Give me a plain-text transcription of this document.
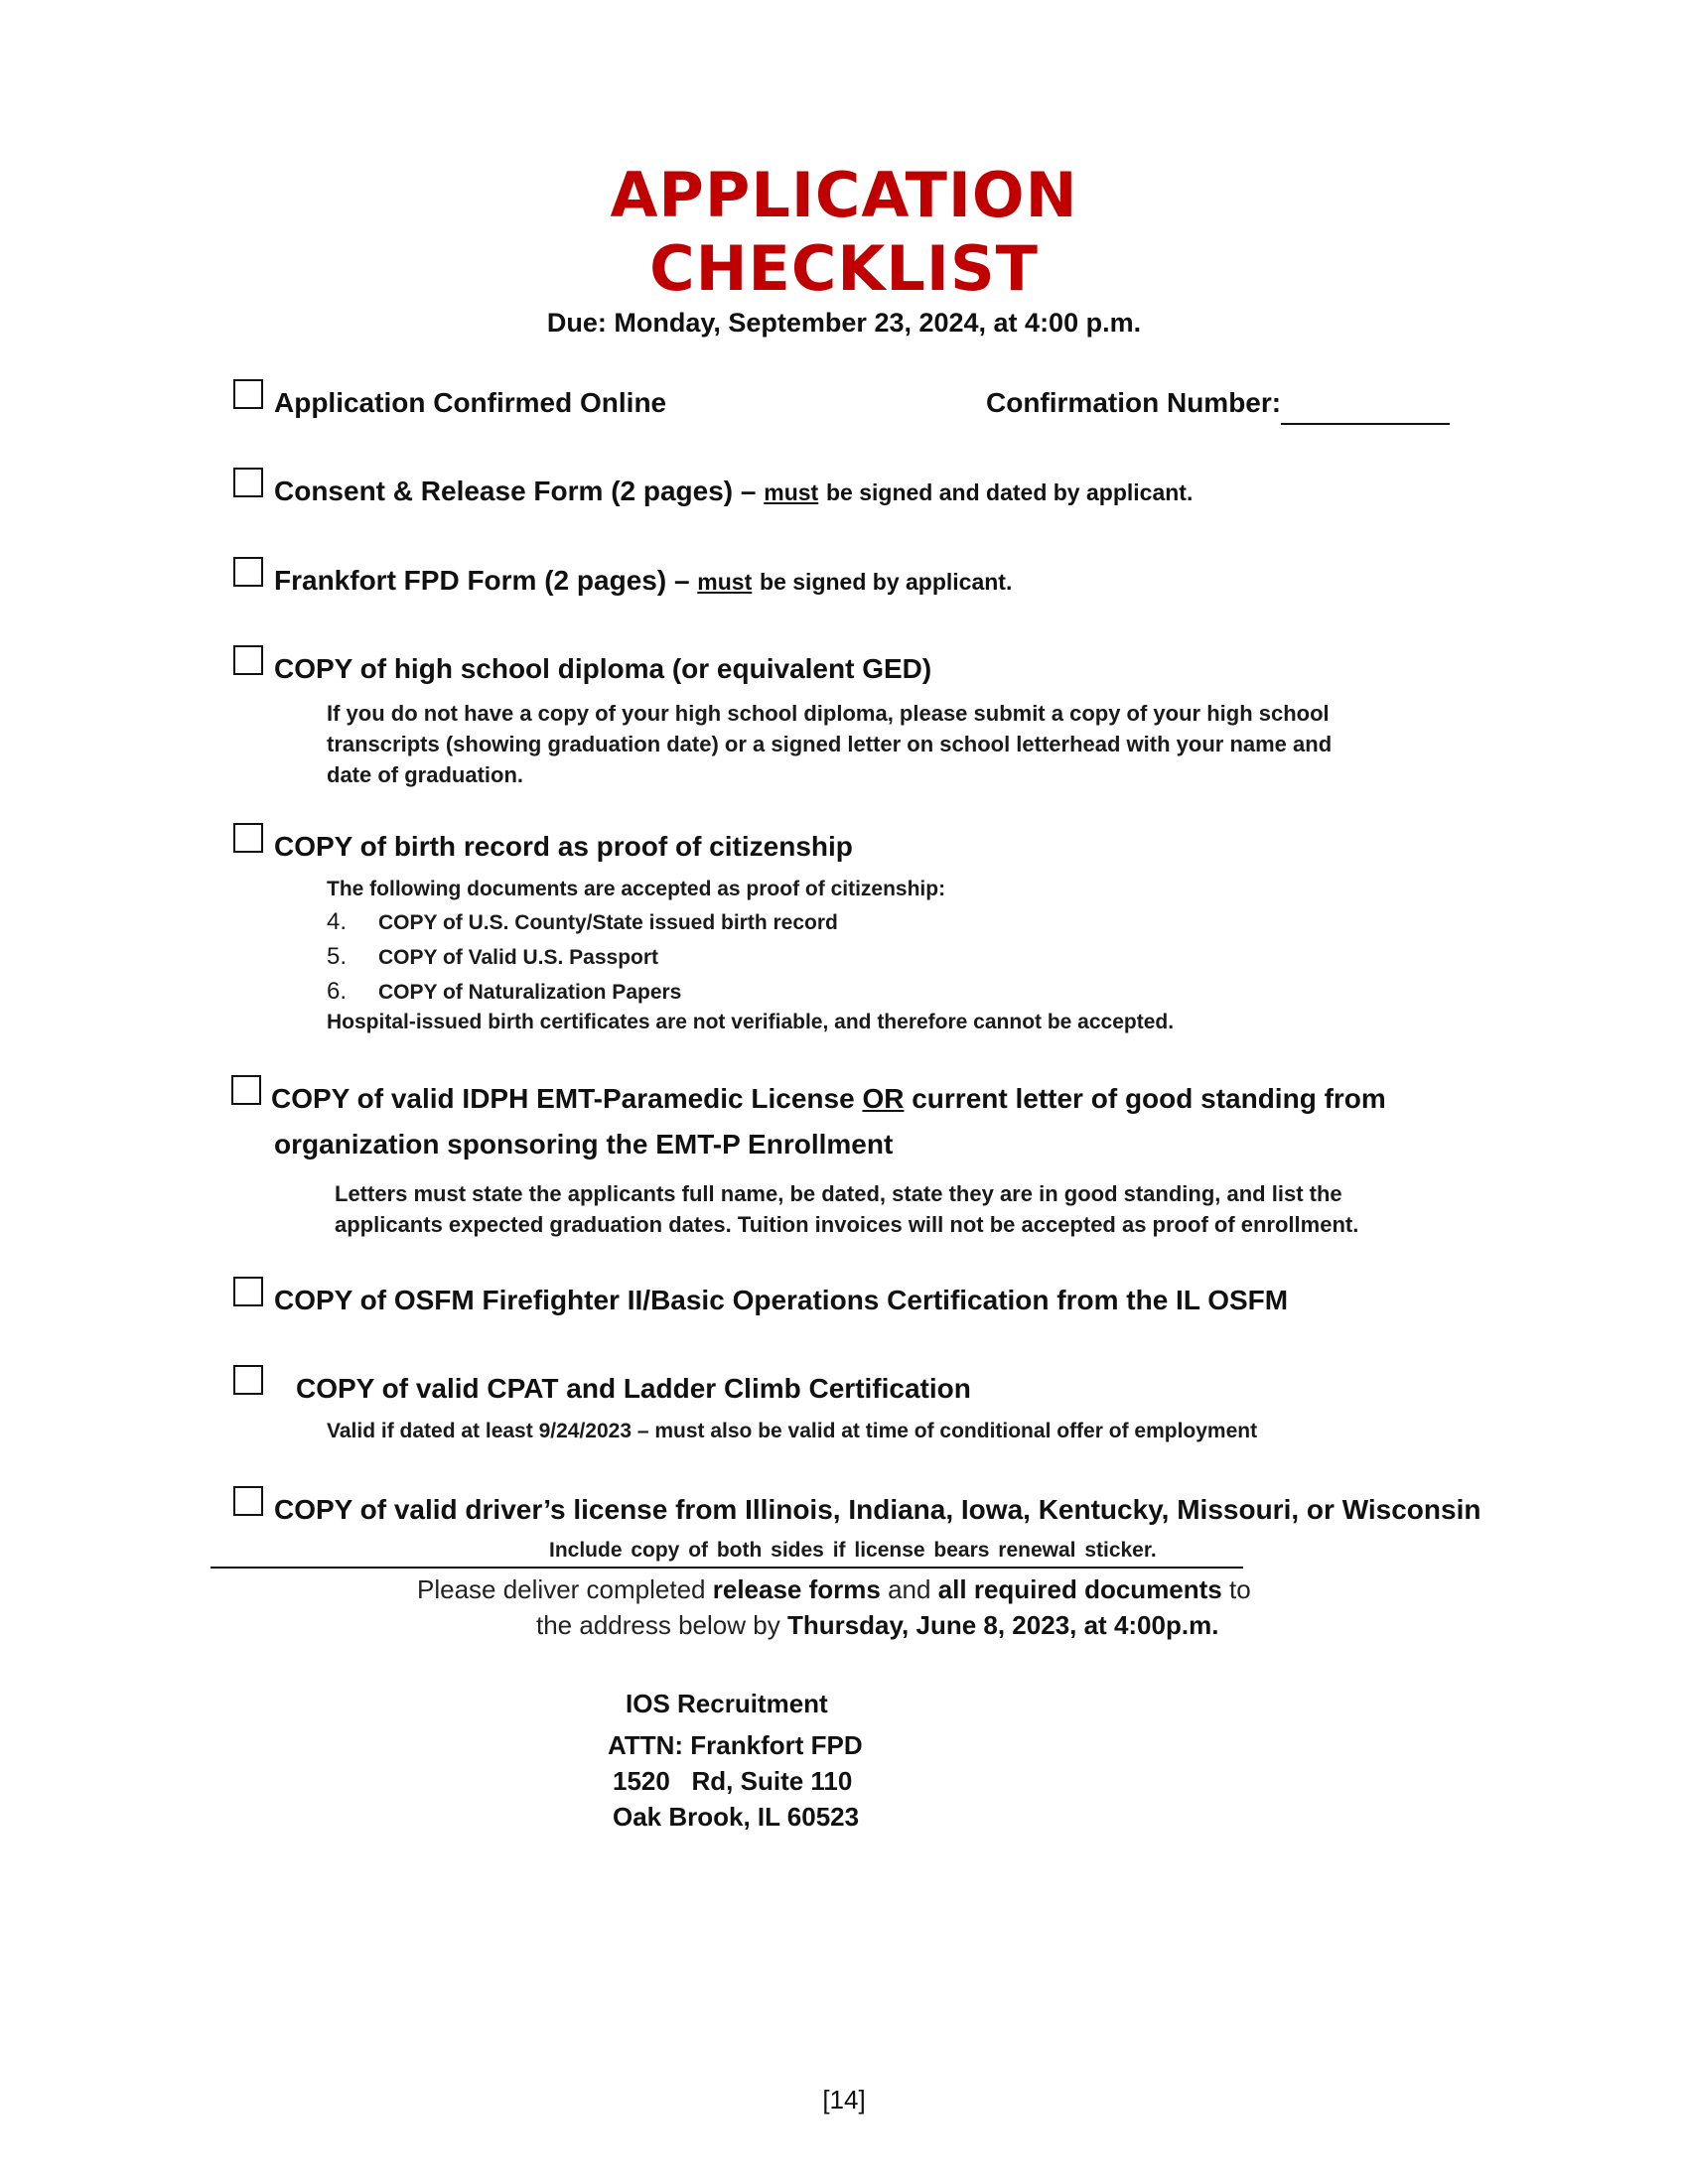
APPLICATION
CHECKLIST
Due: Monday, September 23, 2024, at 4:00 p.m.
Application Confirmed Online	Confirmation Number:
Consent & Release Form (2 pages) – must be signed and dated by applicant.
Frankfort FPD Form (2 pages) – must be signed by applicant.
COPY of high school diploma (or equivalent GED)
If you do not have a copy of your high school diploma, please submit a copy of your high school
transcripts (showing graduation date) or a signed letter on school letterhead with your name and
date of graduation.
COPY of birth record as proof of citizenship
The following documents are accepted as proof of citizenship:
4. COPY of U.S. County/State issued birth record
5. COPY of Valid U.S. Passport
6. COPY of Naturalization Papers
Hospital-issued birth certificates are not verifiable, and therefore cannot be accepted.
COPY of valid IDPH EMT-Paramedic License OR current letter of good standing from
organization sponsoring the EMT-P Enrollment
Letters must state the applicants full name, be dated, state they are in good standing, and list the
applicants expected graduation dates. Tuition invoices will not be accepted as proof of enrollment.
COPY of OSFM Firefighter II/Basic Operations Certification from the IL OSFM
COPY of valid CPAT and Ladder Climb Certification
Valid if dated at least 9/24/2023 – must also be valid at time of conditional offer of employment
COPY of valid driver’s license from Illinois, Indiana, Iowa, Kentucky, Missouri, or Wisconsin
Include copy of both sides if license bears renewal sticker.
Please deliver completed release forms and all required documents to
the address below by Thursday, June 8, 2023, at 4:00p.m.
IOS Recruitment
ATTN: Frankfort FPD
1520   Rd, Suite 110
Oak Brook, IL 60523
[14]
